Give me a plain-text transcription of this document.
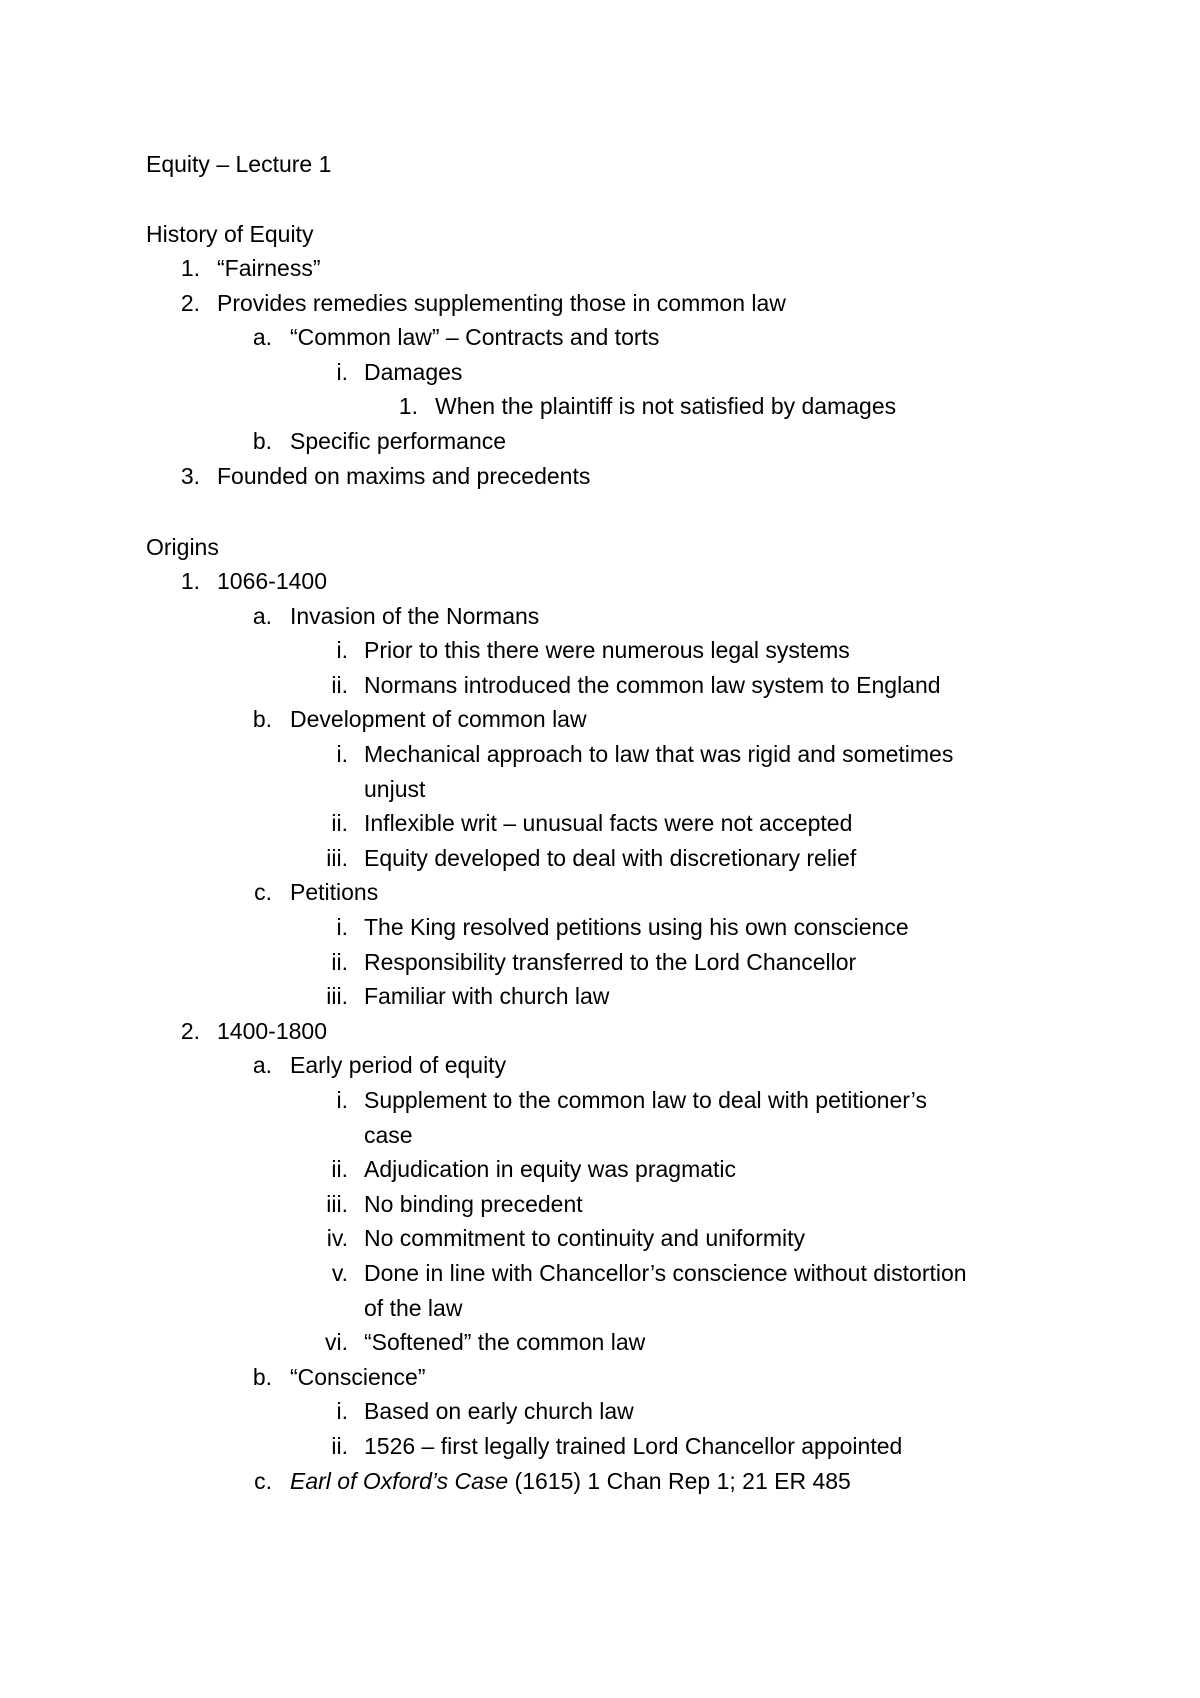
Equity – Lecture 1
History of Equity
1. “Fairness”
2. Provides remedies supplementing those in common law
a. “Common law” – Contracts and torts
i. Damages
1. When the plaintiff is not satisfied by damages
b. Specific performance
3. Founded on maxims and precedents
Origins
1. 1066-1400
a. Invasion of the Normans
i. Prior to this there were numerous legal systems
ii. Normans introduced the common law system to England
b. Development of common law
i. Mechanical approach to law that was rigid and sometimes
unjust
ii. Inflexible writ – unusual facts were not accepted
iii. Equity developed to deal with discretionary relief
c. Petitions
i. The King resolved petitions using his own conscience
ii. Responsibility transferred to the Lord Chancellor
iii. Familiar with church law
2. 1400-1800
a. Early period of equity
i. Supplement to the common law to deal with petitioner’s
case
ii. Adjudication in equity was pragmatic
iii. No binding precedent
iv. No commitment to continuity and uniformity
v. Done in line with Chancellor’s conscience without distortion
of the law
vi. “Softened” the common law
b. “Conscience”
i. Based on early church law
ii. 1526 – first legally trained Lord Chancellor appointed
c. Earl of Oxford’s Case (1615) 1 Chan Rep 1; 21 ER 485
